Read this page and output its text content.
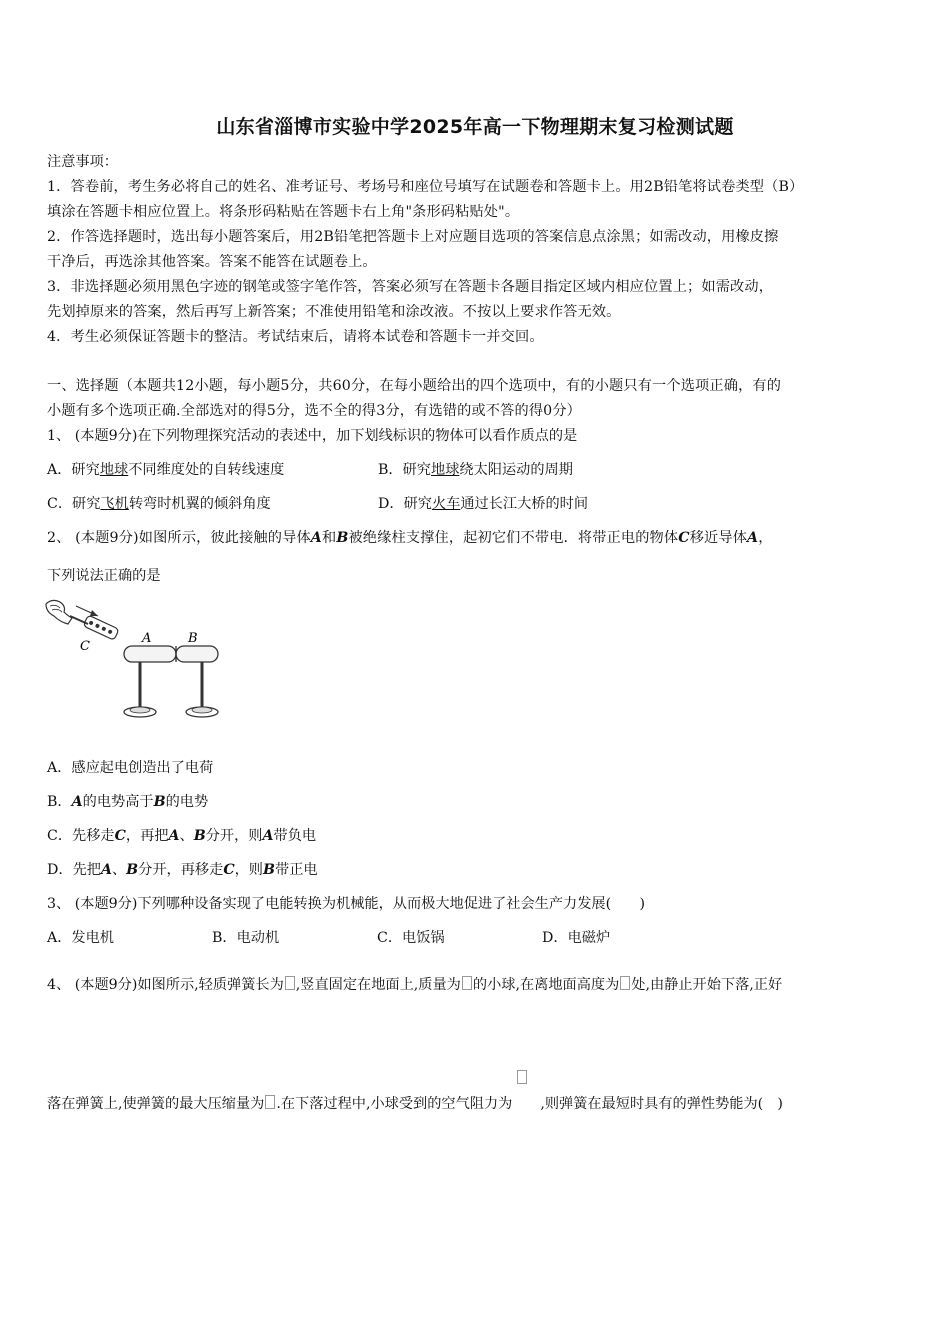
山东省淄博市实验中学2025年高一下物理期末复习检测试题
注意事项：
1．答卷前，考生务必将自己的姓名、准考证号、考场号和座位号填写在试题卷和答题卡上。用2B铅笔将试卷类型（B）
填涂在答题卡相应位置上。将条形码粘贴在答题卡右上角"条形码粘贴处"。
2．作答选择题时，选出每小题答案后，用2B铅笔把答题卡上对应题目选项的答案信息点涂黑；如需改动，用橡皮擦
干净后，再选涂其他答案。答案不能答在试题卷上。
3．非选择题必须用黑色字迹的钢笔或签字笔作答，答案必须写在答题卡各题目指定区域内相应位置上；如需改动，
先划掉原来的答案，然后再写上新答案；不准使用铅笔和涂改液。不按以上要求作答无效。
4．考生必须保证答题卡的整洁。考试结束后，请将本试卷和答题卡一并交回。
一、选择题（本题共12小题，每小题5分，共60分，在每小题给出的四个选项中，有的小题只有一个选项正确，有的
小题有多个选项正确.全部选对的得5分，选不全的得3分，有选错的或不答的得0分）
1、 (本题9分)在下列物理探究活动的表述中，加下划线标识的物体可以看作质点的是
A．研究地球不同维度处的自转线速度	B．研究地球绕太阳运动的周期
C．研究飞机转弯时机翼的倾斜角度	D．研究火车通过长江大桥的时间
2、 (本题9分)如图所示，彼此接触的导体A和B被绝缘柱支撑住，起初它们不带电．将带正电的物体C移近导体A，
下列说法正确的是
C
A	B
A．感应起电创造出了电荷
B．A的电势高于B的电势
C．先移走C，再把A、B分开，则A带负电
D．先把A、B分开，再移走C，则B带正电
3、 (本题9分)下列哪种设备实现了电能转换为机械能，从而极大地促进了社会生产力发展(　　)
A．发电机	B．电动机	C．电饭锅	D．电磁炉
4、 (本题9分)如图所示,轻质弹簧长为 ,竖直固定在地面上,质量为 的小球,在离地面高度为 处,由静止开始下落,正好
落在弹簧上,使弹簧的最大压缩量为 .在下落过程中,小球受到的空气阻力为 ,则弹簧在最短时具有的弹性势能为(　)
